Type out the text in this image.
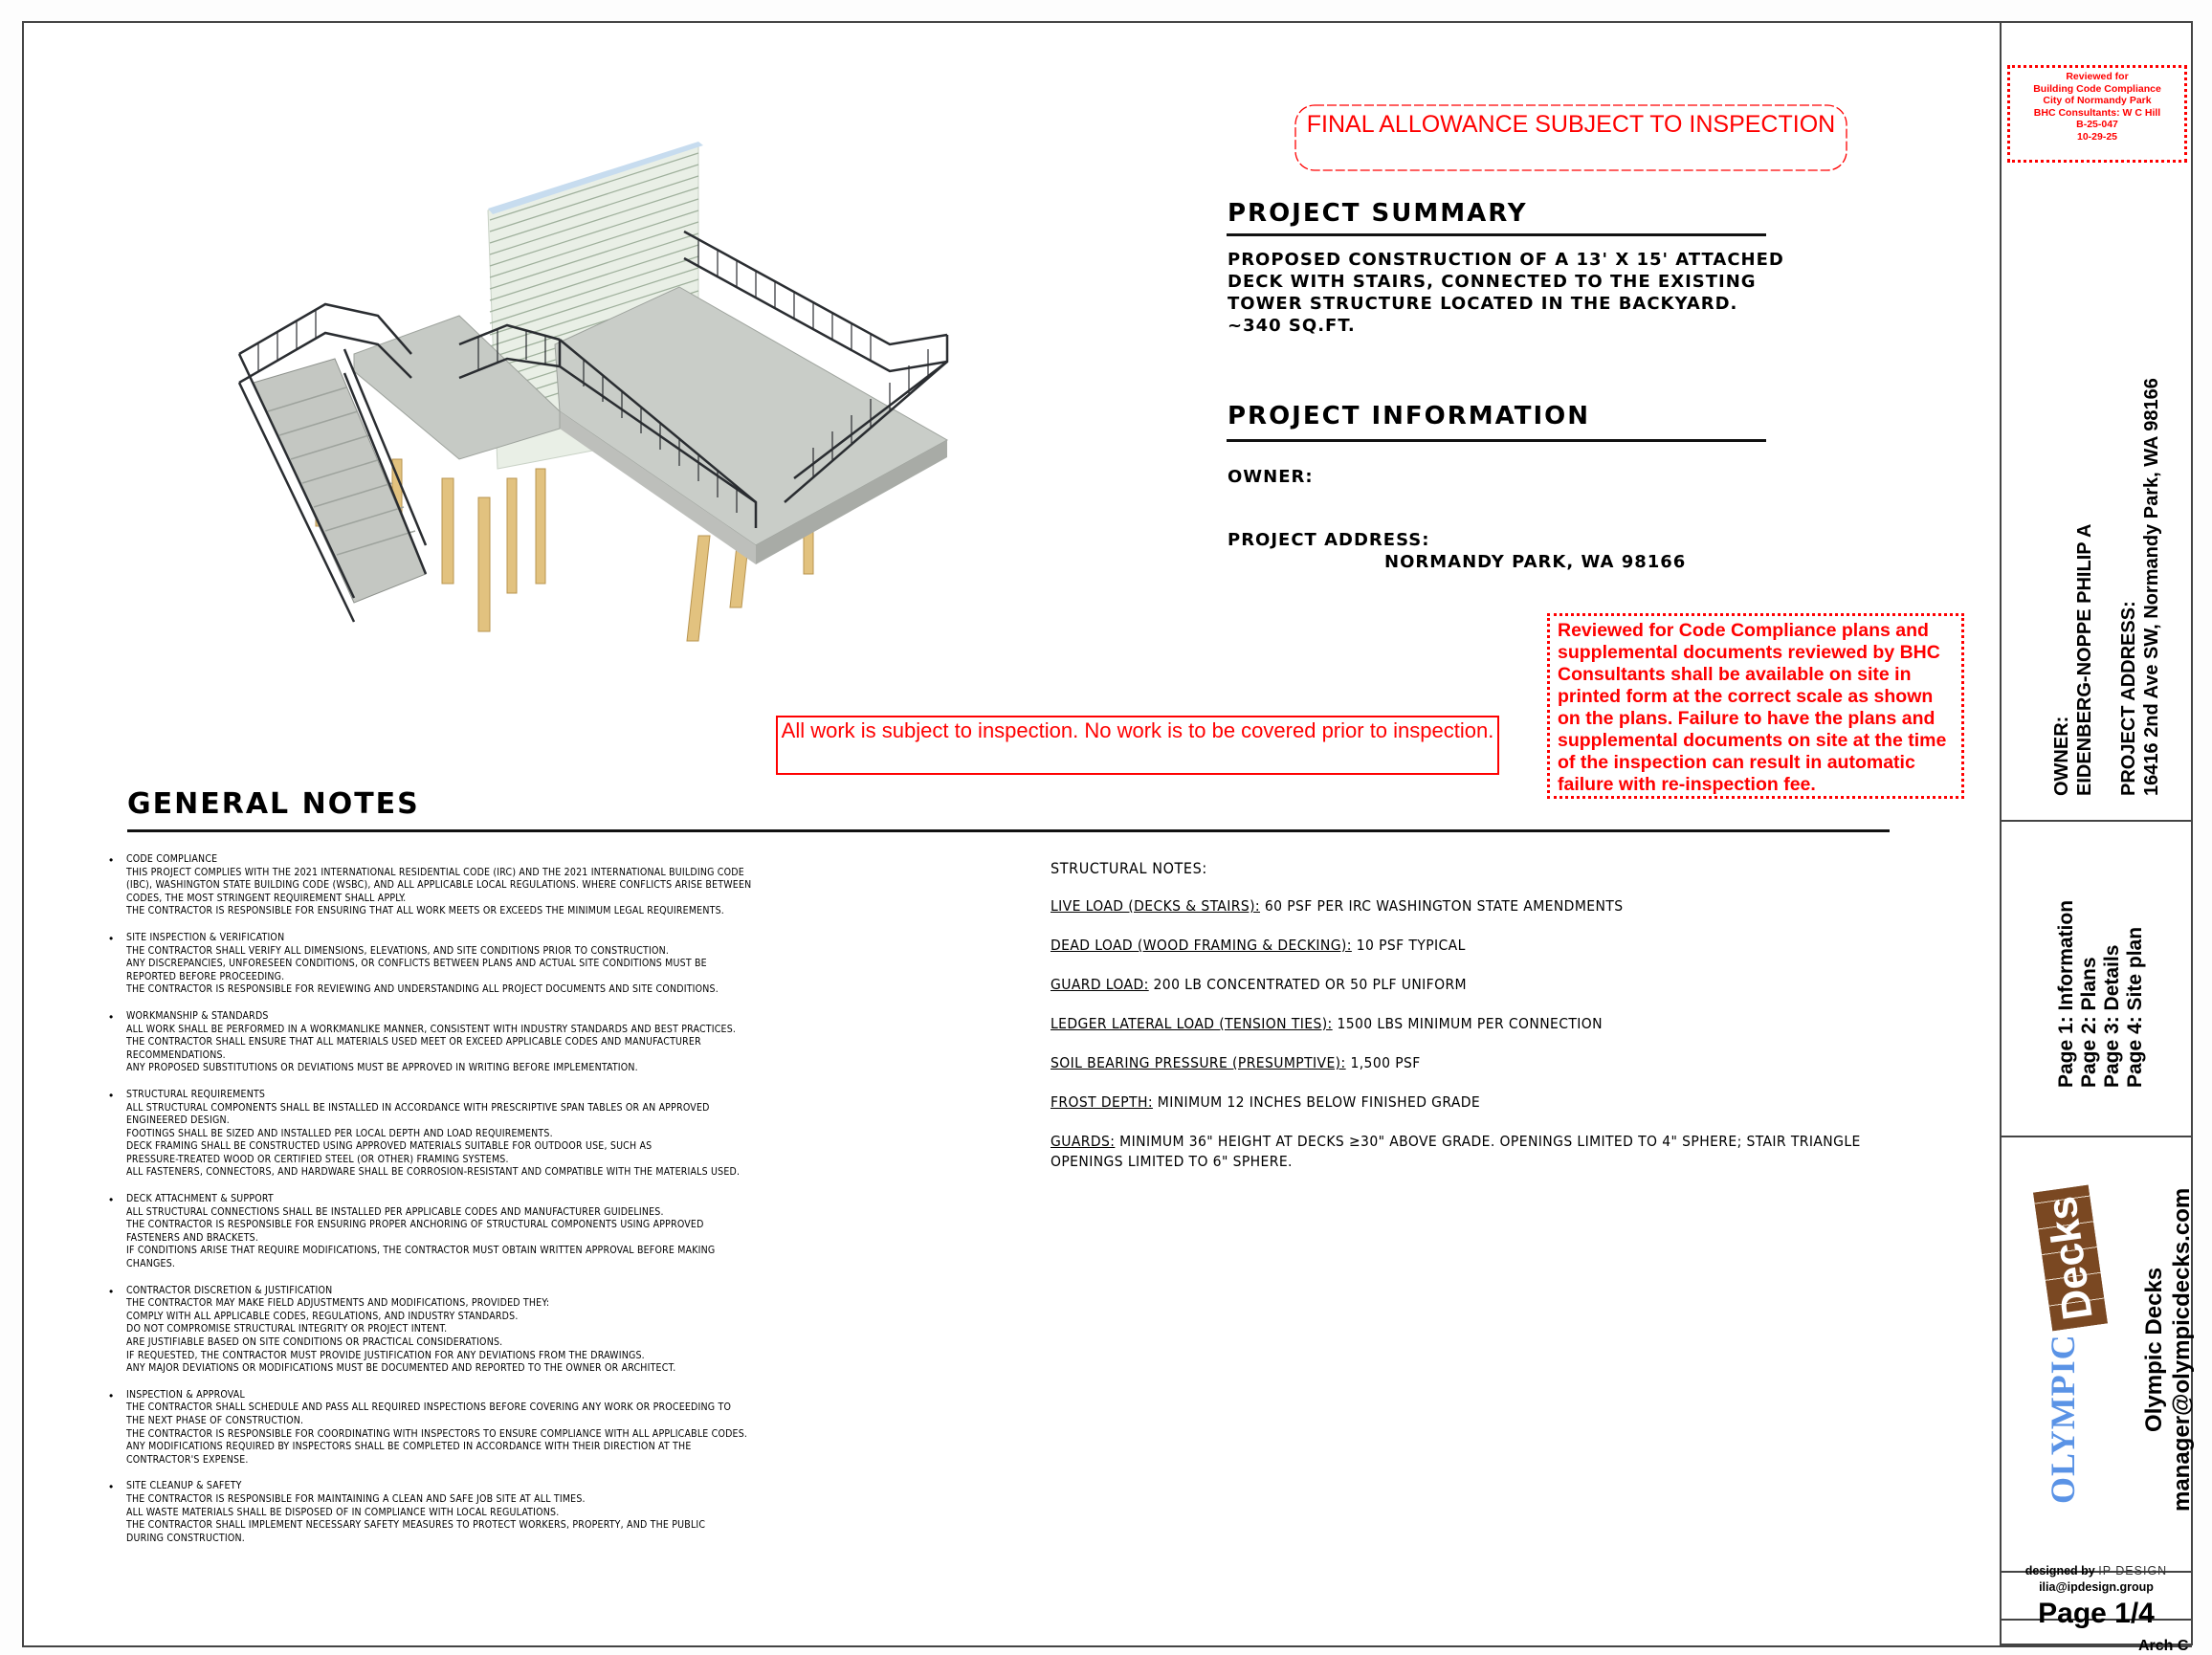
FINAL ALLOWANCE SUBJECT TO INSPECTION
PROJECT SUMMARY
PROPOSED CONSTRUCTION OF A 13' X 15' ATTACHED
DECK WITH STAIRS, CONNECTED TO THE EXISTING
TOWER STRUCTURE LOCATED IN THE BACKYARD.
~340 SQ.FT.
PROJECT INFORMATION
OWNER:
PROJECT ADDRESS:
NORMANDY PARK, WA 98166
Reviewed for Code Compliance plans and supplemental documents reviewed by BHC Consultants shall be available on site in printed form at the correct scale as shown on the plans. Failure to have the plans and supplemental documents on site at the time of the inspection can result in automatic failure with re-inspection fee.
All work is subject to inspection. No work is to be covered prior to inspection.
GENERAL NOTES
• CODE COMPLIANCE
THIS PROJECT COMPLIES WITH THE 2021 INTERNATIONAL RESIDENTIAL CODE (IRC) AND THE 2021 INTERNATIONAL BUILDING CODE
(IBC), WASHINGTON STATE BUILDING CODE (WSBC), AND ALL APPLICABLE LOCAL REGULATIONS. WHERE CONFLICTS ARISE BETWEEN
CODES, THE MOST STRINGENT REQUIREMENT SHALL APPLY.
THE CONTRACTOR IS RESPONSIBLE FOR ENSURING THAT ALL WORK MEETS OR EXCEEDS THE MINIMUM LEGAL REQUIREMENTS.
• SITE INSPECTION & VERIFICATION
THE CONTRACTOR SHALL VERIFY ALL DIMENSIONS, ELEVATIONS, AND SITE CONDITIONS PRIOR TO CONSTRUCTION.
ANY DISCREPANCIES, UNFORESEEN CONDITIONS, OR CONFLICTS BETWEEN PLANS AND ACTUAL SITE CONDITIONS MUST BE
REPORTED BEFORE PROCEEDING.
THE CONTRACTOR IS RESPONSIBLE FOR REVIEWING AND UNDERSTANDING ALL PROJECT DOCUMENTS AND SITE CONDITIONS.
• WORKMANSHIP & STANDARDS
ALL WORK SHALL BE PERFORMED IN A WORKMANLIKE MANNER, CONSISTENT WITH INDUSTRY STANDARDS AND BEST PRACTICES.
THE CONTRACTOR SHALL ENSURE THAT ALL MATERIALS USED MEET OR EXCEED APPLICABLE CODES AND MANUFACTURER
RECOMMENDATIONS.
ANY PROPOSED SUBSTITUTIONS OR DEVIATIONS MUST BE APPROVED IN WRITING BEFORE IMPLEMENTATION.
• STRUCTURAL REQUIREMENTS
ALL STRUCTURAL COMPONENTS SHALL BE INSTALLED IN ACCORDANCE WITH PRESCRIPTIVE SPAN TABLES OR AN APPROVED
ENGINEERED DESIGN.
FOOTINGS SHALL BE SIZED AND INSTALLED PER LOCAL DEPTH AND LOAD REQUIREMENTS.
DECK FRAMING SHALL BE CONSTRUCTED USING APPROVED MATERIALS SUITABLE FOR OUTDOOR USE, SUCH AS
PRESSURE-TREATED WOOD OR CERTIFIED STEEL (OR OTHER) FRAMING SYSTEMS.
ALL FASTENERS, CONNECTORS, AND HARDWARE SHALL BE CORROSION-RESISTANT AND COMPATIBLE WITH THE MATERIALS USED.
• DECK ATTACHMENT & SUPPORT
ALL STRUCTURAL CONNECTIONS SHALL BE INSTALLED PER APPLICABLE CODES AND MANUFACTURER GUIDELINES.
THE CONTRACTOR IS RESPONSIBLE FOR ENSURING PROPER ANCHORING OF STRUCTURAL COMPONENTS USING APPROVED
FASTENERS AND BRACKETS.
IF CONDITIONS ARISE THAT REQUIRE MODIFICATIONS, THE CONTRACTOR MUST OBTAIN WRITTEN APPROVAL BEFORE MAKING
CHANGES.
• CONTRACTOR DISCRETION & JUSTIFICATION
THE CONTRACTOR MAY MAKE FIELD ADJUSTMENTS AND MODIFICATIONS, PROVIDED THEY:
COMPLY WITH ALL APPLICABLE CODES, REGULATIONS, AND INDUSTRY STANDARDS.
DO NOT COMPROMISE STRUCTURAL INTEGRITY OR PROJECT INTENT.
ARE JUSTIFIABLE BASED ON SITE CONDITIONS OR PRACTICAL CONSIDERATIONS.
IF REQUESTED, THE CONTRACTOR MUST PROVIDE JUSTIFICATION FOR ANY DEVIATIONS FROM THE DRAWINGS.
ANY MAJOR DEVIATIONS OR MODIFICATIONS MUST BE DOCUMENTED AND REPORTED TO THE OWNER OR ARCHITECT.
• INSPECTION & APPROVAL
THE CONTRACTOR SHALL SCHEDULE AND PASS ALL REQUIRED INSPECTIONS BEFORE COVERING ANY WORK OR PROCEEDING TO
THE NEXT PHASE OF CONSTRUCTION.
THE CONTRACTOR IS RESPONSIBLE FOR COORDINATING WITH INSPECTORS TO ENSURE COMPLIANCE WITH ALL APPLICABLE CODES.
ANY MODIFICATIONS REQUIRED BY INSPECTORS SHALL BE COMPLETED IN ACCORDANCE WITH THEIR DIRECTION AT THE
CONTRACTOR'S EXPENSE.
• SITE CLEANUP & SAFETY
THE CONTRACTOR IS RESPONSIBLE FOR MAINTAINING A CLEAN AND SAFE JOB SITE AT ALL TIMES.
ALL WASTE MATERIALS SHALL BE DISPOSED OF IN COMPLIANCE WITH LOCAL REGULATIONS.
THE CONTRACTOR SHALL IMPLEMENT NECESSARY SAFETY MEASURES TO PROTECT WORKERS, PROPERTY, AND THE PUBLIC
DURING CONSTRUCTION.
STRUCTURAL NOTES:
LIVE LOAD (DECKS & STAIRS): 60 PSF PER IRC WASHINGTON STATE AMENDMENTS
DEAD LOAD (WOOD FRAMING & DECKING): 10 PSF TYPICAL
GUARD LOAD: 200 LB CONCENTRATED OR 50 PLF UNIFORM
LEDGER LATERAL LOAD (TENSION TIES): 1500 LBS MINIMUM PER CONNECTION
SOIL BEARING PRESSURE (PRESUMPTIVE): 1,500 PSF
FROST DEPTH: MINIMUM 12 INCHES BELOW FINISHED GRADE
GUARDS: MINIMUM 36" HEIGHT AT DECKS ≥30" ABOVE GRADE. OPENINGS LIMITED TO 4" SPHERE; STAIR TRIANGLE OPENINGS LIMITED TO 6" SPHERE.
Reviewed for
Building Code Compliance
City of Normandy Park
BHC Consultants: W C Hill
B-25-047
10-29-25
OWNER: EIDENBERG-NOPPE PHILIP A PROJECT ADDRESS: 16416 2nd Ave SW, Normandy Park, WA 98166
Page 1: Information Page 2: Plans Page 3: Details Page 4: Site plan
OLYMPIC Decks
Olympic Decks manager@olympicdecks.com
designed by IP DESIGN
ilia@ipdesign.group
Page 1/4
Arch C
